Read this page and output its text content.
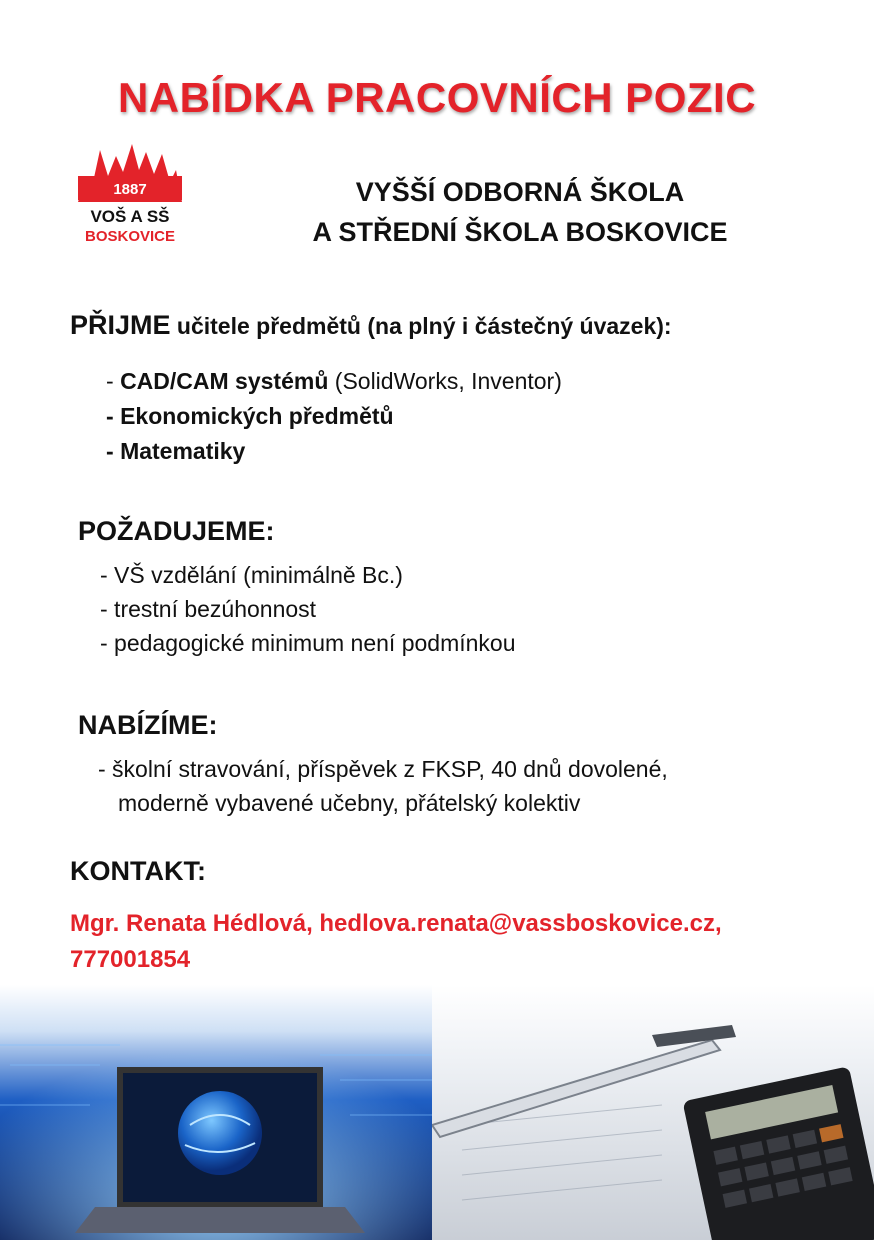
NABÍDKA PRACOVNÍCH POZIC
1887
VOŠ A SŠ
BOSKOVICE
VYŠŠÍ ODBORNÁ ŠKOLA
A STŘEDNÍ ŠKOLA BOSKOVICE
PŘIJME učitele předmětů (na plný i částečný úvazek):
- CAD/CAM systémů (SolidWorks, Inventor)
- Ekonomických předmětů
- Matematiky
POŽADUJEME:
- VŠ vzdělání (minimálně Bc.)
- trestní bezúhonnost
- pedagogické minimum není podmínkou
NABÍZÍME:
- školní stravování, příspěvek z FKSP, 40 dnů dovolené,
moderně vybavené učebny, přátelský kolektiv
KONTAKT:
Mgr. Renata Hédlová, hedlova.renata@vassboskovice.cz,
777001854
